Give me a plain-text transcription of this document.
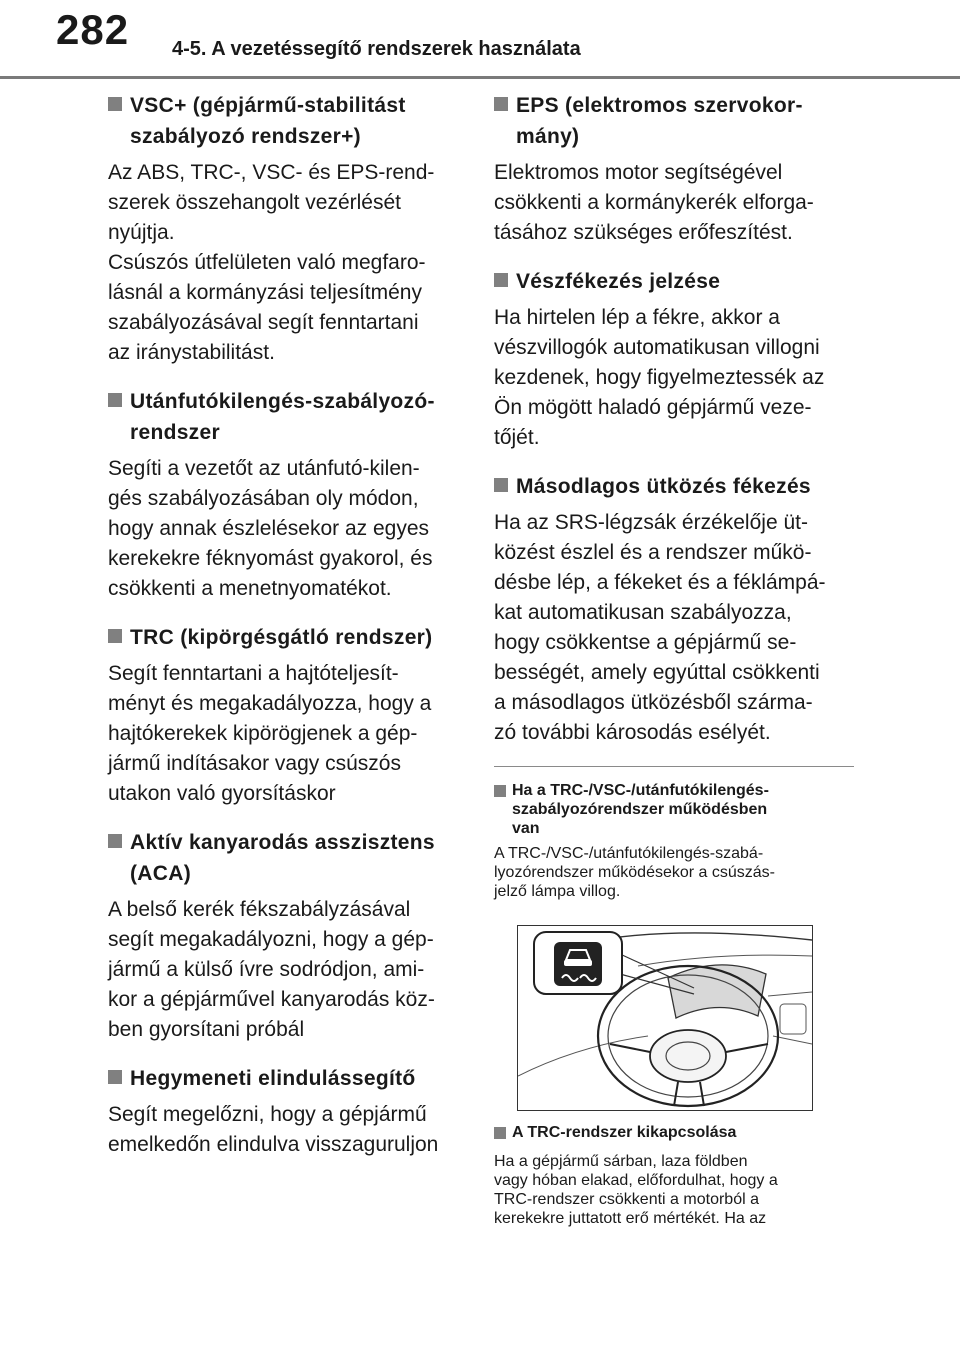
282 4-5. A vezetéssegítő rendszerek használata
VSC+ (gépjármű-stabilitást
szabályozó rendszer+)
Az ABS, TRC-, VSC- és EPS-rend-
szerek összehangolt vezérlését
nyújtja.
Csúszós útfelületen való megfaro-
lásnál a kormányzási teljesítmény
szabályozásával segít fenntartani
az iránystabilitást.
Utánfutókilengés-szabályozó-
rendszer
Segíti a vezetőt az utánfutó-kilen-
gés szabályozásában oly módon,
hogy annak észlelésekor az egyes
kerekekre féknyomást gyakorol, és
csökkenti a menetnyomatékot.
TRC (kipörgésgátló rendszer)
Segít fenntartani a hajtóteljesít-
ményt és megakadályozza, hogy a
hajtókerekek kipörögjenek a gép-
jármű indításakor vagy csúszós
utakon való gyorsításkor
Aktív kanyarodás asszisztens
(ACA)
A belső kerék fékszabályzásával
segít megakadályozni, hogy a gép-
jármű a külső ívre sodródjon, ami-
kor a gépjárművel kanyarodás köz-
ben gyorsítani próbál
Hegymeneti elindulássegítő
Segít megelőzni, hogy a gépjármű
emelkedőn elindulva visszaguruljon
EPS (elektromos szervokor-
mány)
Elektromos motor segítségével
csökkenti a kormánykerék elforga-
tásához szükséges erőfeszítést.
Vészfékezés jelzése
Ha hirtelen lép a fékre, akkor a
vészvillogók automatikusan villogni
kezdenek, hogy figyelmeztessék az
Ön mögött haladó gépjármű veze-
tőjét.
Másodlagos ütközés fékezés
Ha az SRS-légzsák érzékelője üt-
közést észlel és a rendszer műkö-
désbe lép, a fékeket és a féklámpá-
kat automatikusan szabályozza,
hogy csökkentse a gépjármű se-
bességét, amely egyúttal csökkenti
a másodlagos ütközésből szárma-
zó további károsodás esélyét.
Ha a TRC-/VSC-/utánfutókilengés-
szabályozórendszer működésben
van
A TRC-/VSC-/utánfutókilengés-szabá-
lyozórendszer működésekor a csúszás-
jelző lámpa villog.
A TRC-rendszer kikapcsolása
Ha a gépjármű sárban, laza földben
vagy hóban elakad, előfordulhat, hogy a
TRC-rendszer csökkenti a motorból a
kerekekre juttatott erő mértékét. Ha az
